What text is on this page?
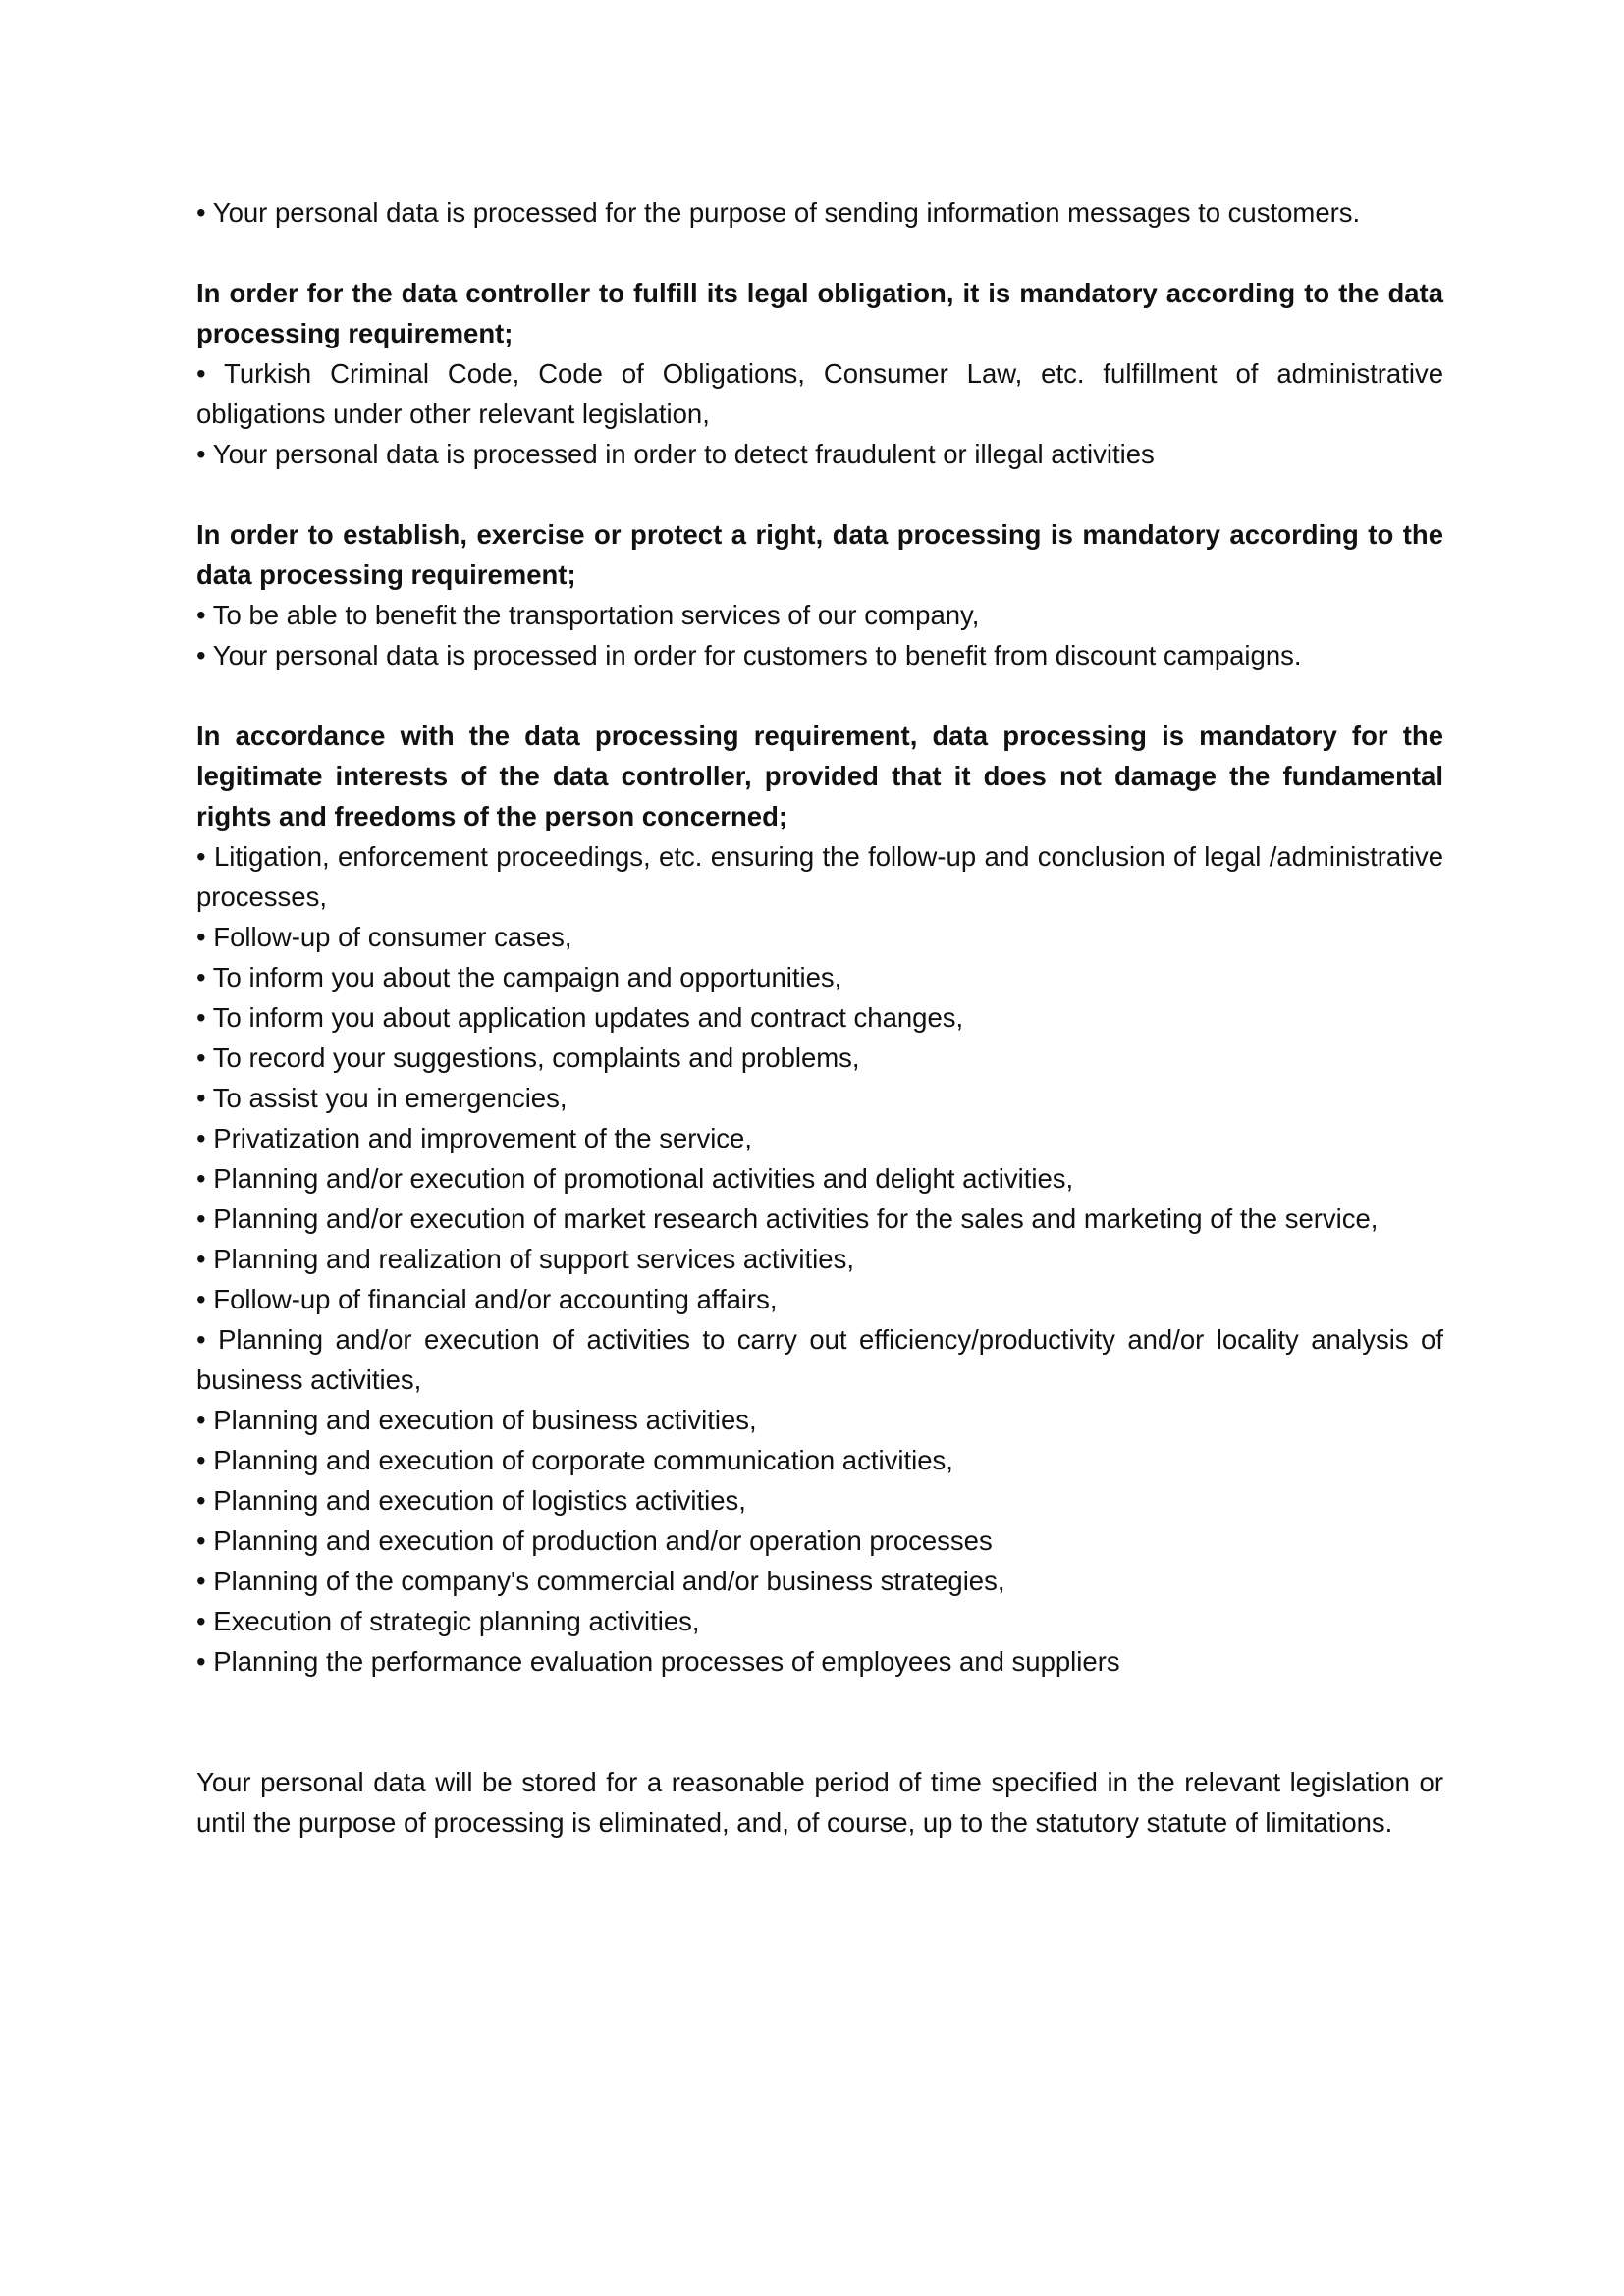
• Your personal data is processed for the purpose of sending information messages to customers.

In order for the data controller to fulfill its legal obligation, it is mandatory according to the data processing requirement;

• Turkish Criminal Code, Code of Obligations, Consumer Law, etc. fulfillment of administrative obligations under other relevant legislation,
• Your personal data is processed in order to detect fraudulent or illegal activities

In order to establish, exercise or protect a right, data processing is mandatory according to the data processing requirement;

• To be able to benefit the transportation services of our company,
• Your personal data is processed in order for customers to benefit from discount campaigns.

In accordance with the data processing requirement, data processing is mandatory for the legitimate interests of the data controller, provided that it does not damage the fundamental rights and freedoms of the person concerned;

• Litigation, enforcement proceedings, etc. ensuring the follow-up and conclusion of legal /administrative processes,
• Follow-up of consumer cases,
• To inform you about the campaign and opportunities,
• To inform you about application updates and contract changes,
• To record your suggestions, complaints and problems,
• To assist you in emergencies,
• Privatization and improvement of the service,
• Planning and/or execution of promotional activities and delight activities,
• Planning and/or execution of market research activities for the sales and marketing of the service,
• Planning and realization of support services activities,
• Follow-up of financial and/or accounting affairs,
• Planning and/or execution of activities to carry out efficiency/productivity and/or locality analysis of business activities,
• Planning and execution of business activities,
• Planning and execution of corporate communication activities,
• Planning and execution of logistics activities,
• Planning and execution of production and/or operation processes
• Planning of the company's commercial and/or business strategies,
• Execution of strategic planning activities,
• Planning the performance evaluation processes of employees and suppliers

Your personal data will be stored for a reasonable period of time specified in the relevant legislation or until the purpose of processing is eliminated, and, of course, up to the statutory statute of limitations.
